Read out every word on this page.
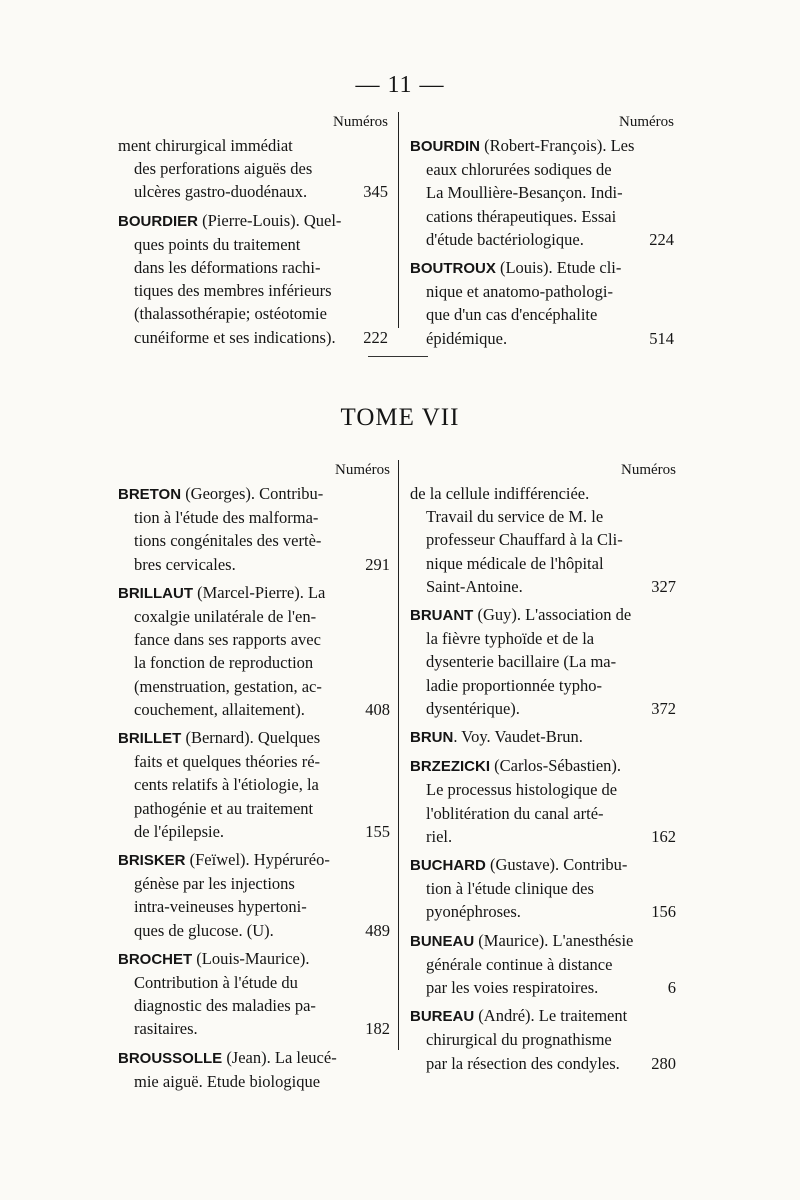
— 11 —
Numéros
ment chirurgical immédiat
des perforations aiguës des
345
ulcères gastro-duodénaux.
BOURDIER (Pierre-Louis). Quel-
ques points du traitement
dans les déformations rachi-
tiques des membres inférieurs
(thalassothérapie; ostéotomie
222
cunéiforme et ses indications).
Numéros
BOURDIN (Robert-François). Les
eaux chlorurées sodiques de
La Moullière-Besançon. Indi-
cations thérapeutiques. Essai
224
d'étude bactériologique.
BOUTROUX (Louis). Etude cli-
nique et anatomo-pathologi-
que d'un cas d'encéphalite
514
épidémique.
TOME VII
Numéros
BRETON (Georges). Contribu-
tion à l'étude des malforma-
tions congénitales des vertè-
291
bres cervicales.
BRILLAUT (Marcel-Pierre). La
coxalgie unilatérale de l'en-
fance dans ses rapports avec
la fonction de reproduction
(menstruation, gestation, ac-
408
couchement, allaitement).
BRILLET (Bernard). Quelques
faits et quelques théories ré-
cents relatifs à l'étiologie, la
pathogénie et au traitement
155
de l'épilepsie.
BRISKER (Feïwel). Hypéruréo-
génèse par les injections
intra-veineuses hypertoni-
489
ques de glucose. (U).
BROCHET (Louis-Maurice).
Contribution à l'étude du
diagnostic des maladies pa-
182
rasitaires.
BROUSSOLLE (Jean). La leucé-
mie aiguë. Etude biologique
Numéros
de la cellule indifférenciée.
Travail du service de M. le
professeur Chauffard à la Cli-
nique médicale de l'hôpital
327
Saint-Antoine.
BRUANT (Guy). L'association de
la fièvre typhoïde et de la
dysenterie bacillaire (La ma-
ladie proportionnée typho-
372
dysentérique).
BRUN. Voy. Vaudet-Brun.
BRZEZICKI (Carlos-Sébastien).
Le processus histologique de
l'oblitération du canal arté-
162
riel.
BUCHARD (Gustave). Contribu-
tion à l'étude clinique des
156
pyonéphroses.
BUNEAU (Maurice). L'anesthésie
générale continue à distance
6
par les voies respiratoires.
BUREAU (André). Le traitement
chirurgical du prognathisme
280
par la résection des condyles.
